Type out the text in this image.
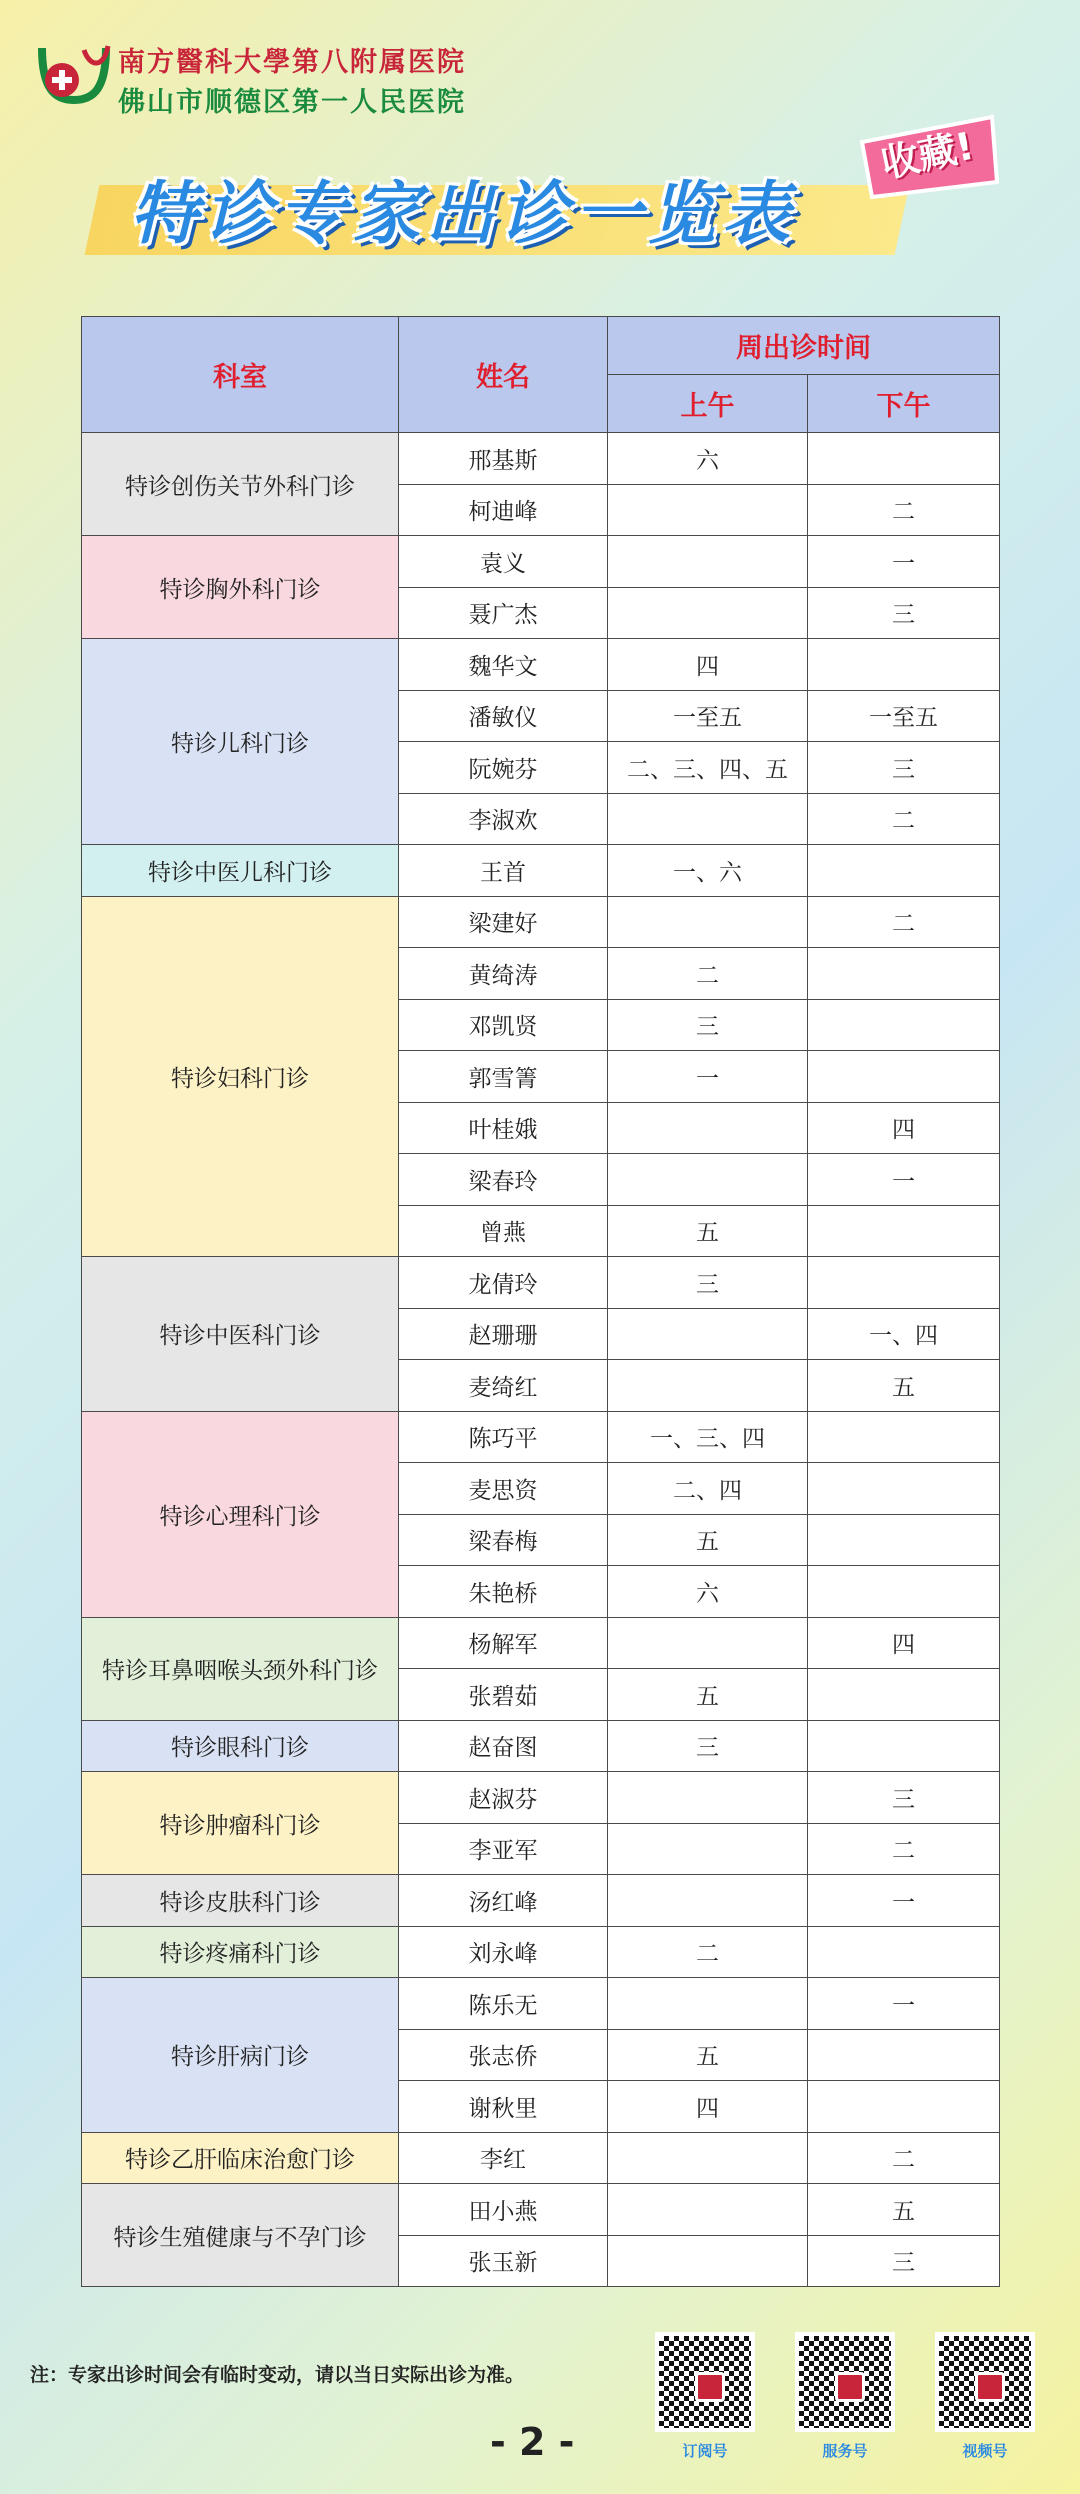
南方醫科大學第八附属医院
佛山市顺德区第一人民医院
特诊专家出诊一览表
收藏!
科室	姓名	周出诊时间	
		上午	下午
特诊创伤关节外科门诊	邢基斯	六	
	柯迪峰		二
特诊胸外科门诊	袁义		一
	聂广杰		三
特诊儿科门诊	魏华文	四	
	潘敏仪	一至五	一至五
	阮婉芬	二、三、四、五	三
	李淑欢		二
特诊中医儿科门诊	王首	一、六	
特诊妇科门诊	梁建好		二
	黄绮涛	二	
	邓凯贤	三	
	郭雪箐	一	
	叶桂娥		四
	梁春玲		一
	曾燕	五	
特诊中医科门诊	龙倩玲	三	
	赵珊珊		一、四
	麦绮红		五
特诊心理科门诊	陈巧平	一、三、四	
	麦思资	二、四	
	梁春梅	五	
	朱艳桥	六	
特诊耳鼻咽喉头颈外科门诊	杨解军		四
	张碧茹	五	
特诊眼科门诊	赵奋图	三	
特诊肿瘤科门诊	赵淑芬		三
	李亚军		二
特诊皮肤科门诊	汤红峰		一
特诊疼痛科门诊	刘永峰	二	
特诊肝病门诊	陈乐无		一
	张志侨	五	
	谢秋里	四	
特诊乙肝临床治愈门诊	李红		二
特诊生殖健康与不孕门诊	田小燕		五
	张玉新		三
注：专家出诊时间会有临时变动，请以当日实际出诊为准。
订阅号	服务号	视频号
- 2 -
